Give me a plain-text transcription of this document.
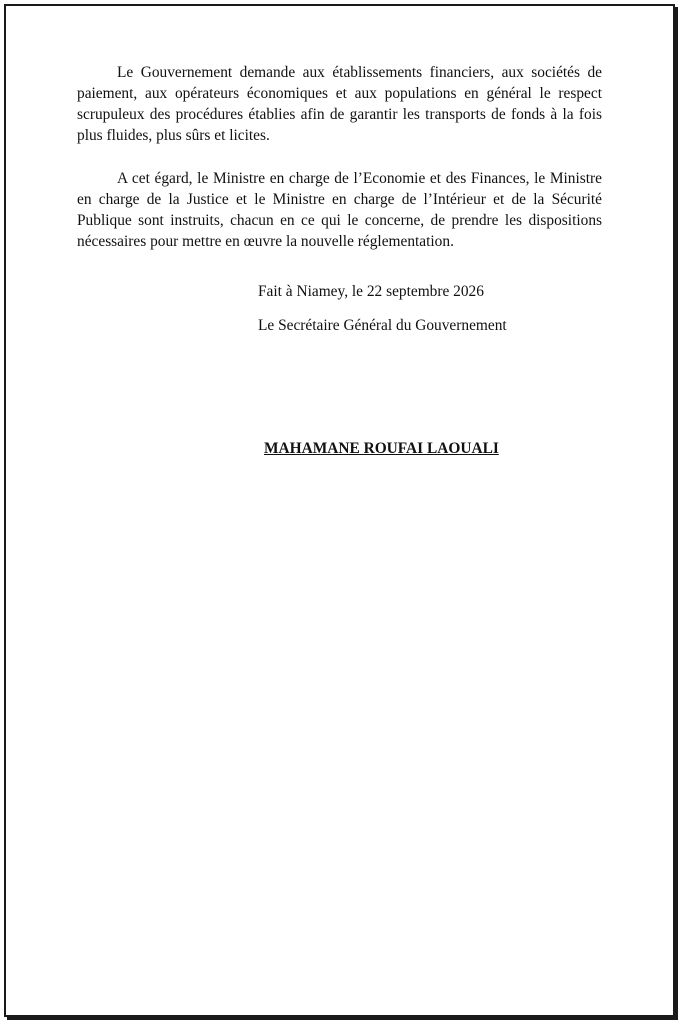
Le Gouvernement demande aux établissements financiers, aux sociétés de paiement, aux opérateurs économiques et aux populations en général le respect scrupuleux des procédures établies afin de garantir les transports de fonds à la fois plus fluides, plus sûrs et licites.

A cet égard, le Ministre en charge de l’Economie et des Finances, le Ministre en charge de la Justice et le Ministre en charge de l’Intérieur et de la Sécurité Publique sont instruits, chacun en ce qui le concerne, de prendre les dispositions nécessaires pour mettre en œuvre la nouvelle réglementation.

Fait à Niamey, le 22 septembre 2026
Le Secrétaire Général du Gouvernement
MAHAMANE ROUFAI LAOUALI
